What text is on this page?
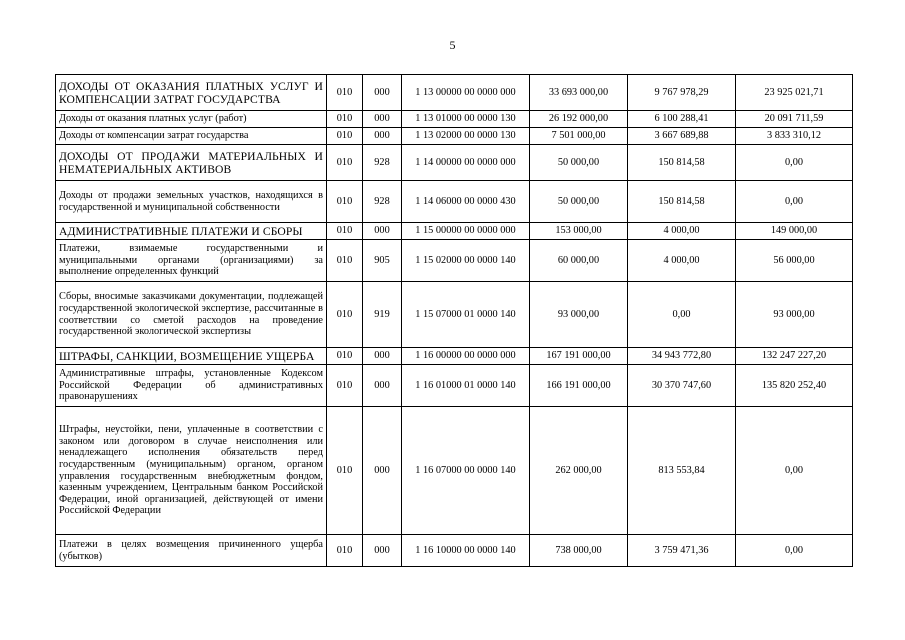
5
ДОХОДЫ ОТ ОКАЗАНИЯ ПЛАТНЫХ УСЛУГ И КОМПЕНСАЦИИ ЗАТРАТ ГОСУДАРСТВА	010	000	1 13 00000 00 0000 000	33 693 000,00	9 767 978,29	23 925 021,71
Доходы от оказания платных услуг (работ)	010	000	1 13 01000 00 0000 130	26 192 000,00	6 100 288,41	20 091 711,59
Доходы от компенсации затрат государства	010	000	1 13 02000 00 0000 130	7 501 000,00	3 667 689,88	3 833 310,12
ДОХОДЫ ОТ ПРОДАЖИ МАТЕРИАЛЬНЫХ И НЕМАТЕРИАЛЬНЫХ АКТИВОВ	010	928	1 14 00000 00 0000 000	50 000,00	150 814,58	0,00
Доходы от продажи земельных участков, находящихся в государственной и муниципальной собственности	010	928	1 14 06000 00 0000 430	50 000,00	150 814,58	0,00
АДМИНИСТРАТИВНЫЕ ПЛАТЕЖИ И СБОРЫ	010	000	1 15 00000 00 0000 000	153 000,00	4 000,00	149 000,00
Платежи, взимаемые государственными и муниципальными органами (организациями) за выполнение определенных функций	010	905	1 15 02000 00 0000 140	60 000,00	4 000,00	56 000,00
Сборы, вносимые заказчиками документации, подлежащей государственной экологической экспертизе, рассчитанные в соответствии со сметой расходов на проведение государственной экологической экспертизы	010	919	1 15 07000 01 0000 140	93 000,00	0,00	93 000,00
ШТРАФЫ, САНКЦИИ, ВОЗМЕЩЕНИЕ УЩЕРБА	010	000	1 16 00000 00 0000 000	167 191 000,00	34 943 772,80	132 247 227,20
Административные штрафы, установленные Кодексом Российской Федерации об административных правонарушениях	010	000	1 16 01000 01 0000 140	166 191 000,00	30 370 747,60	135 820 252,40
Штрафы, неустойки, пени, уплаченные в соответствии с законом или договором в случае неисполнения или ненадлежащего исполнения обязательств перед государственным (муниципальным) органом, органом управления государственным внебюджетным фондом, казенным учреждением, Центральным банком Российской Федерации, иной организацией, действующей от имени Российской Федерации	010	000	1 16 07000 00 0000 140	262 000,00	813 553,84	0,00
Платежи в целях возмещения причиненного ущерба (убытков)	010	000	1 16 10000 00 0000 140	738 000,00	3 759 471,36	0,00
